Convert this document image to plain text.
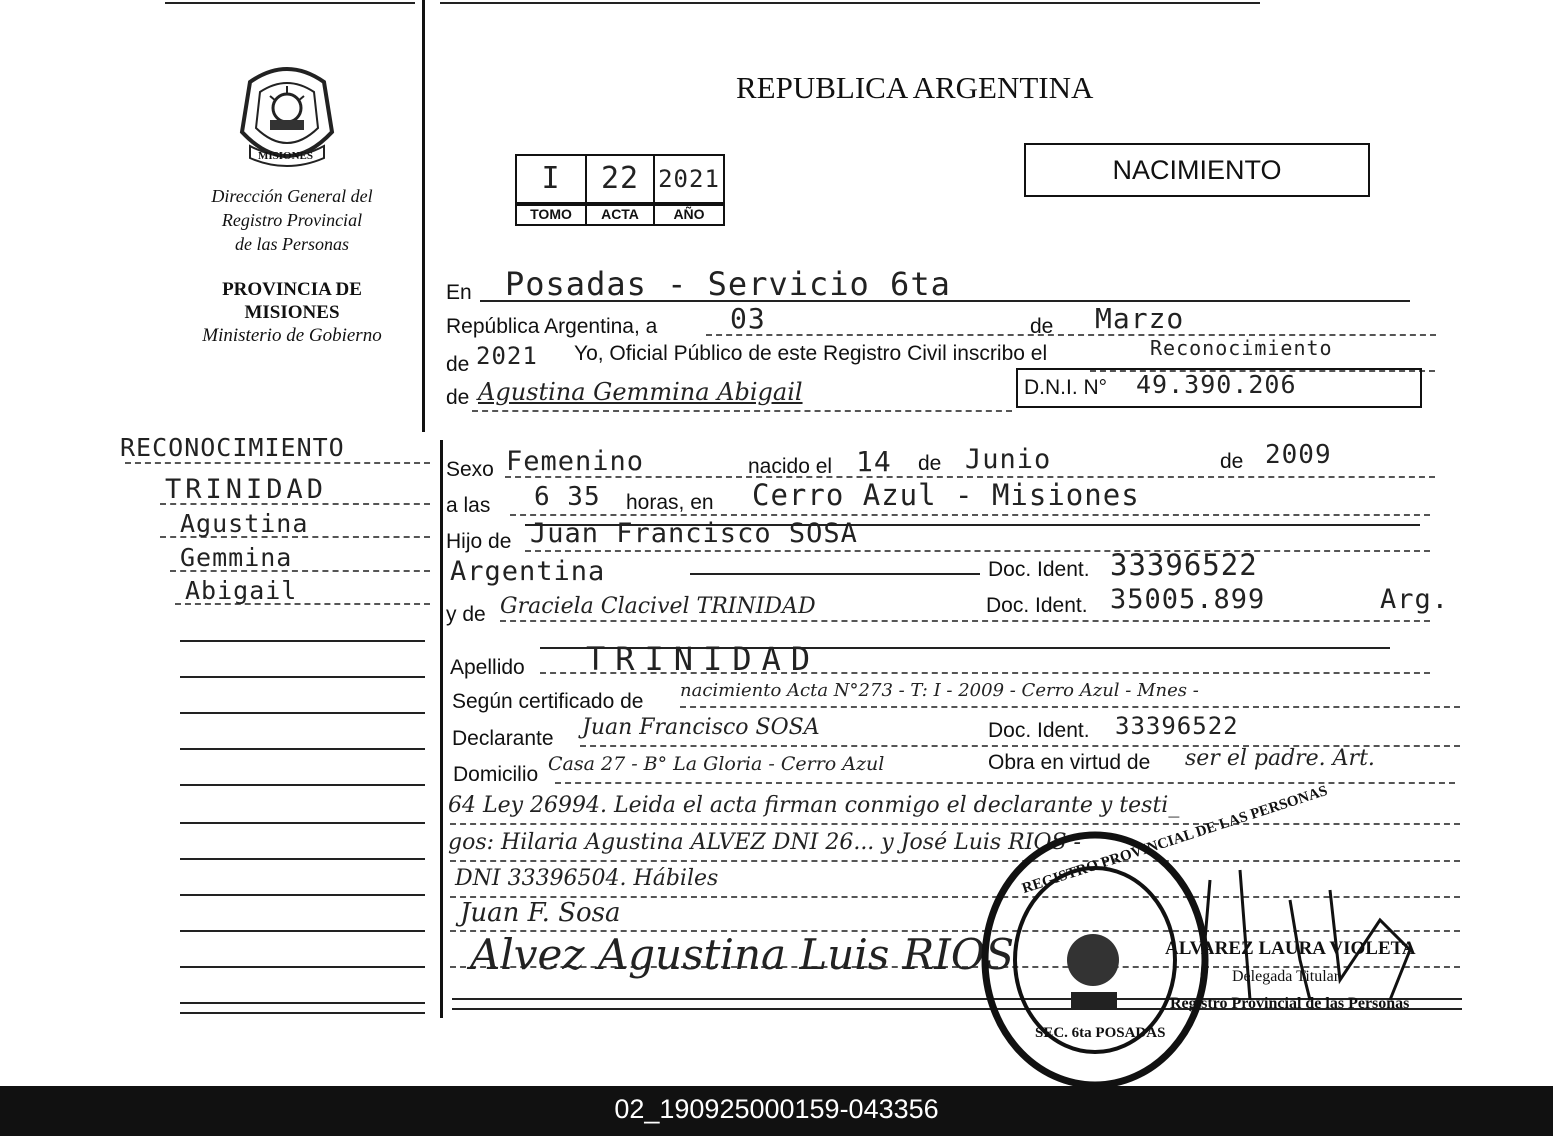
MISIONES
Dirección General del
Registro Provincial
de las Personas
PROVINCIA DE
MISIONES
Ministerio de Gobierno
RECONOCIMIENTO
TRINIDAD
Agustina
Gemmina
Abigail
REPUBLICA ARGENTINA
NACIMIENTO
I	22 2021
TOMO	ACTA	AÑO
En Posadas - Servicio 6ta
República Argentina, a	03	de Marzo
de 2021 Yo, Oficial Público de este Registro Civil inscribo el	Reconocimiento
de Agustina Gemmina Abigail	D.N.I. N° 49.390.206
Sexo Femenino	nacido el 14 de Junio	de 2009
a las 6 35 horas, en Cerro Azul - Misiones
Hijo de Juan Francisco SOSA
Argentina	Doc. Ident. 33396522
y de Graciela Clacivel TRINIDAD	Doc. Ident. 35005.899	Arg.
Apellido TRINIDAD
Según certificado de nacimiento Acta N°273 - T: I - 2009 - Cerro Azul - Mnes -
Declarante Juan Francisco SOSA	Doc. Ident. 33396522
Domicilio Casa 27 - B° La Gloria - Cerro Azul	Obra en virtud de ser el padre. Art.
64 Ley 26994. Leida el acta firman conmigo el declarante y testi_
gos: Hilaria Agustina ALVEZ DNI 26... y José Luis RIOS -
DNI 33396504. Hábiles
Juan F. Sosa
Alvez Agustina Luis RIOS
REGISTRO PROVINCIAL DE LAS PERSONAS
SEC. 6ta POSADAS
ALVAREZ LAURA VIOLETA
Delegada Titular
Registro Provincial de las Personas
02_190925000159-043356
